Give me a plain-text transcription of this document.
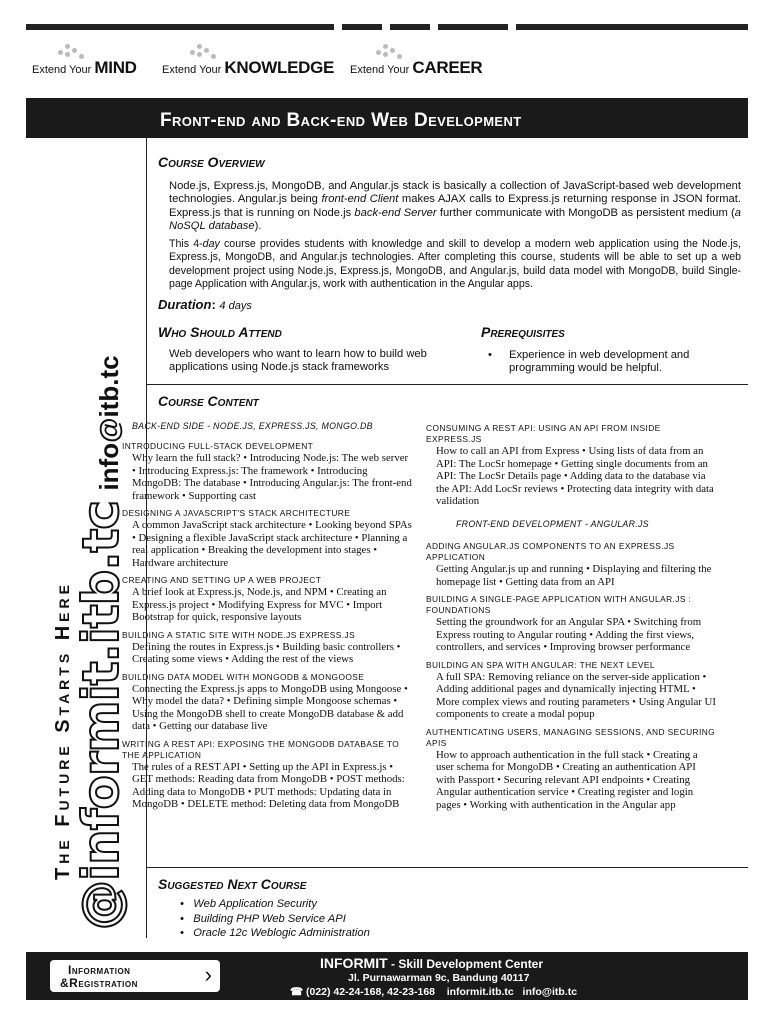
Extend Your MIND Extend Your KNOWLEDGE Extend Your CAREER
Front-end and Back-end Web Development
The Future Starts Here
@informit.itb.tc info@itb.tc
Course Overview

Node.js, Express.js, MongoDB, and Angular.js stack is basically a collection of JavaScript-based web development technologies. Angular.js being front-end Client makes AJAX calls to Express.js returning response in JSON format. Express.js that is running on Node.js back-end Server further communicate with MongoDB as persistent medium (a NoSQL database).

This 4-day course provides students with knowledge and skill to develop a modern web application using the Node.js, Express.js, MongoDB, and Angular.js technologies. After completing this course, students will be able to set up a web development project using Node.js, Express.js, MongoDB, and Angular.js, build data model with MongoDB, build Single-page Application with Angular.js, work with authentication in the Angular apps.

Duration: 4 days
Who Should Attend
Web developers who want to learn how to build web applications using Node.js stack frameworks
Prerequisites
•	Experience in web development and programming would be helpful.
Course Content
BACK-END SIDE - NODE.JS, EXPRESS.JS, MONGO.DB
INTRODUCING FULL-STACK DEVELOPMENT
Why learn the full stack? • Introducing Node.js: The web server • Introducing Express.js: The framework • Introducing MongoDB: The database • Introducing Angular.js: The front-end framework • Supporting cast
DESIGNING A JAVASCRIPT'S STACK ARCHITECTURE
A common JavaScript stack architecture • Looking beyond SPAs • Designing a flexible JavaScript stack architecture • Planning a real application • Breaking the development into stages • Hardware architecture
CREATING AND SETTING UP A WEB PROJECT
A brief look at Express.js, Node.js, and NPM • Creating an Express.js project • Modifying Express for MVC • Import Bootstrap for quick, responsive layouts
BUILDING A STATIC SITE WITH NODE.JS EXPRESS.JS
Defining the routes in Express.js • Building basic controllers • Creating some views • Adding the rest of the views
BUILDING DATA MODEL WITH MONGODB & MONGOOSE
Connecting the Express.js apps to MongoDB using Mongoose • Why model the data? • Defining simple Mongoose schemas • Using the MongoDB shell to create MongoDB database & add data • Getting our database live
WRITING A REST API: EXPOSING THE MONGODB DATABASE TO THE APPLICATION
The rules of a REST API • Setting up the API in Express.js • GET methods: Reading data from MongoDB • POST methods: Adding data to MongoDB • PUT methods: Updating data in MongoDB • DELETE method: Deleting data from MongoDB
CONSUMING A REST API: USING AN API FROM INSIDE EXPRESS.JS
How to call an API from Express • Using lists of data from an API: The LocSr homepage • Getting single documents from an API: The LocSr Details page • Adding data to the database via the API: Add LocSr reviews • Protecting data integrity with data validation
FRONT-END DEVELOPMENT - ANGULAR.JS
ADDING ANGULAR.JS COMPONENTS TO AN EXPRESS.JS APPLICATION
Getting Angular.js up and running • Displaying and filtering the homepage list • Getting data from an API
BUILDING A SINGLE-PAGE APPLICATION WITH ANGULAR.JS : FOUNDATIONS
Setting the groundwork for an Angular SPA • Switching from Express routing to Angular routing • Adding the first views, controllers, and services • Improving browser performance
BUILDING AN SPA WITH ANGULAR: THE NEXT LEVEL
A full SPA: Removing reliance on the server-side application • Adding additional pages and dynamically injecting HTML • More complex views and routing parameters • Using Angular UI components to create a modal popup
AUTHENTICATING USERS, MANAGING SESSIONS, AND SECURING APIS
How to approach authentication in the full stack • Creating a user schema for MongoDB • Creating an authentication API with Passport • Securing relevant API endpoints • Creating Angular authentication service • Creating register and login pages • Working with authentication in the Angular app
Suggested Next Course
• Web Application Security
• Building PHP Web Service API
• Oracle 12c Weblogic Administration
Information
&Registration	›	INFORMIT - Skill Development Center
Jl. Purnawarman 9c, Bandung 40117
☎ (022) 42-24-168, 42-23-168 informit.itb.tc info@itb.tc
